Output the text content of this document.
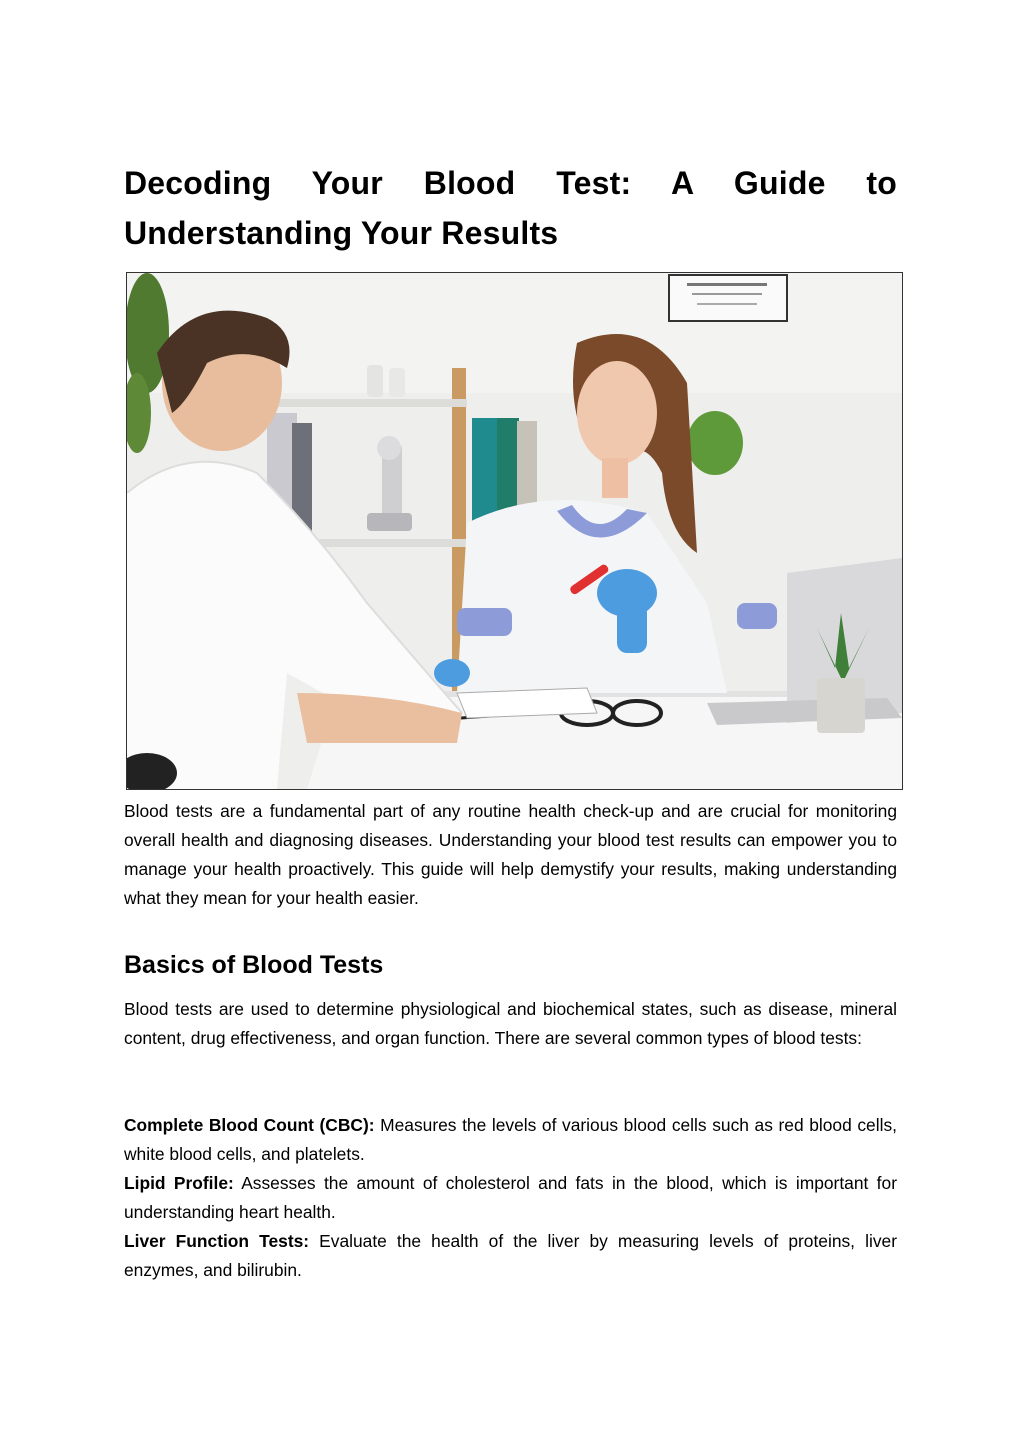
Decoding Your Blood Test: A Guide to Understanding Your Results

Blood tests are a fundamental part of any routine health check-up and are crucial for monitoring overall health and diagnosing diseases. Understanding your blood test results can empower you to manage your health proactively. This guide will help demystify your results, making understanding what they mean for your health easier.

Basics of Blood Tests

Blood tests are used to determine physiological and biochemical states, such as disease, mineral content, drug effectiveness, and organ function. There are several common types of blood tests:

Complete Blood Count (CBC): Measures the levels of various blood cells such as red blood cells, white blood cells, and platelets.

Lipid Profile: Assesses the amount of cholesterol and fats in the blood, which is important for understanding heart health.

Liver Function Tests: Evaluate the health of the liver by measuring levels of proteins, liver enzymes, and bilirubin.
